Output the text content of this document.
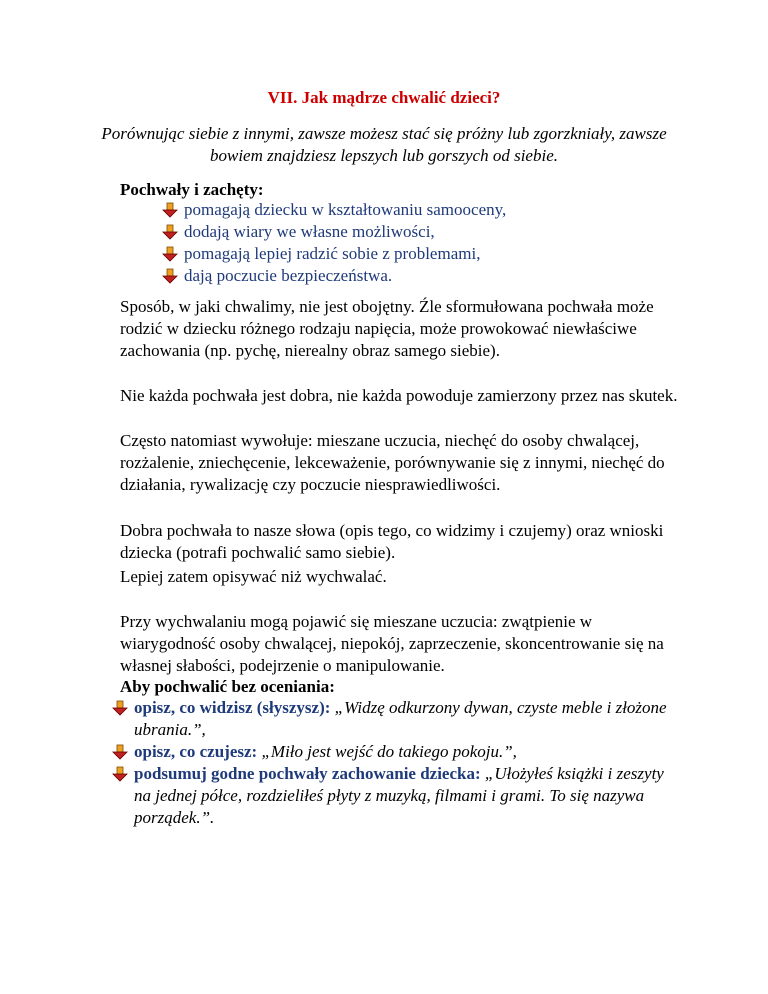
VII. Jak mądrze chwalić dzieci?
Porównując siebie z innymi, zawsze możesz stać się próżny lub zgorzkniały, zawsze bowiem znajdziesz lepszych lub gorszych od siebie.
Pochwały i zachęty:
pomagają dziecku w kształtowaniu samooceny,
dodają wiary we własne możliwości,
pomagają lepiej radzić sobie z problemami,
dają poczucie bezpieczeństwa.
Sposób, w jaki chwalimy, nie jest obojętny. Źle sformułowana pochwała może rodzić w dziecku różnego rodzaju napięcia, może prowokować niewłaściwe zachowania (np. pychę, nierealny obraz samego siebie).
Nie każda pochwała jest dobra, nie każda powoduje zamierzony przez nas skutek.
Często natomiast wywołuje: mieszane uczucia, niechęć do osoby chwalącej, rozżalenie, zniechęcenie, lekceważenie, porównywanie się z innymi, niechęć do działania, rywalizację czy poczucie niesprawiedliwości.
Dobra pochwała to nasze słowa (opis tego, co widzimy i czujemy) oraz wnioski dziecka (potrafi pochwalić samo siebie).
Lepiej zatem opisywać niż wychwalać.
Przy wychwalaniu mogą pojawić się mieszane uczucia: zwątpienie w wiarygodność osoby chwalącej, niepokój, zaprzeczenie, skoncentrowanie się na własnej słabości, podejrzenie o manipulowanie.
Aby pochwalić bez oceniania:
opisz, co widzisz (słyszysz): „Widzę odkurzony dywan, czyste meble i złożone ubrania.”,
opisz, co czujesz: „Miło jest wejść do takiego pokoju.”,
podsumuj godne pochwały zachowanie dziecka: „Ułożyłeś książki i zeszyty na jednej półce, rozdzieliłeś płyty z muzyką, filmami i grami. To się nazywa porządek.”.
